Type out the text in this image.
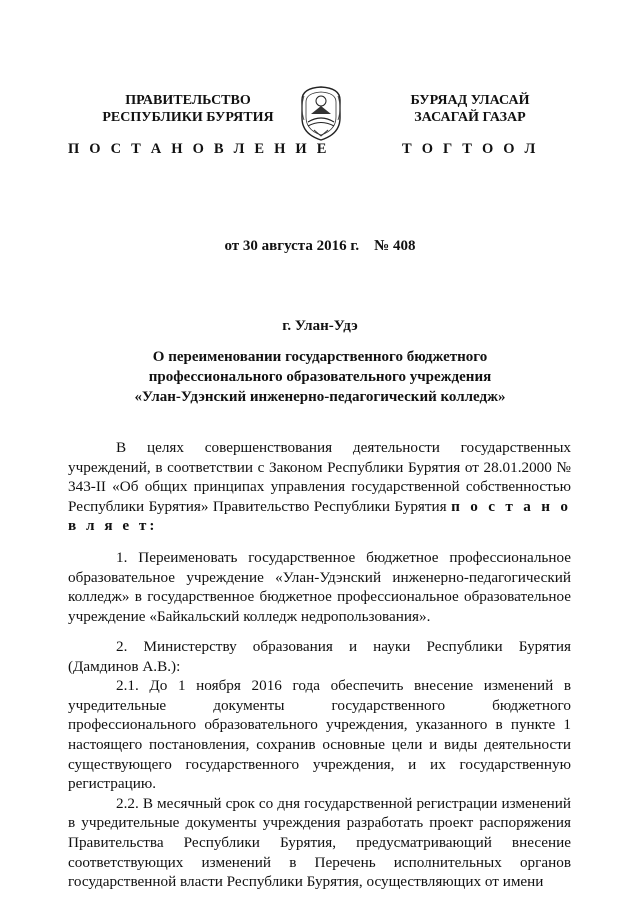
ПРАВИТЕЛЬСТВО
РЕСПУБЛИКИ БУРЯТИЯ
БУРЯАД УЛАСАЙ
ЗАСАГАЙ ГАЗАР
П О С Т А Н О В Л Е Н И Е	Т О Г Т О О Л
от 30 августа 2016 г.    № 408
г. Улан-Удэ
О переименовании государственного бюджетного
профессионального образовательного учреждения
«Улан-Удэнский инженерно-педагогический колледж»

В целях совершенствования деятельности государственных учреждений, в соответствии с Законом Республики Бурятия от 28.01.2000 № 343-II «Об общих принципах управления государственной собственностью Республики Бурятия» Правительство Республики Бурятия п о с т а н о в л я е т:

1. Переименовать государственное бюджетное профессиональное образовательное учреждение «Улан-Удэнский инженерно-педагогический колледж» в государственное бюджетное профессиональное образовательное учреждение «Байкальский колледж недропользования».

2. Министерству образования и науки Республики Бурятия (Дамдинов А.В.):

2.1. До 1 ноября 2016 года обеспечить внесение изменений в учредительные документы государственного бюджетного профессионального образовательного учреждения, указанного в пункте 1 настоящего постановления, сохранив основные цели и виды деятельности существующего государственного учреждения, и их государственную регистрацию.

2.2. В месячный срок со дня государственной регистрации изменений в учредительные документы учреждения разработать проект распоряжения Правительства Республики Бурятия, предусматривающий внесение соответствующих изменений в Перечень исполнительных органов государственной власти Республики Бурятия, осуществляющих от имени
